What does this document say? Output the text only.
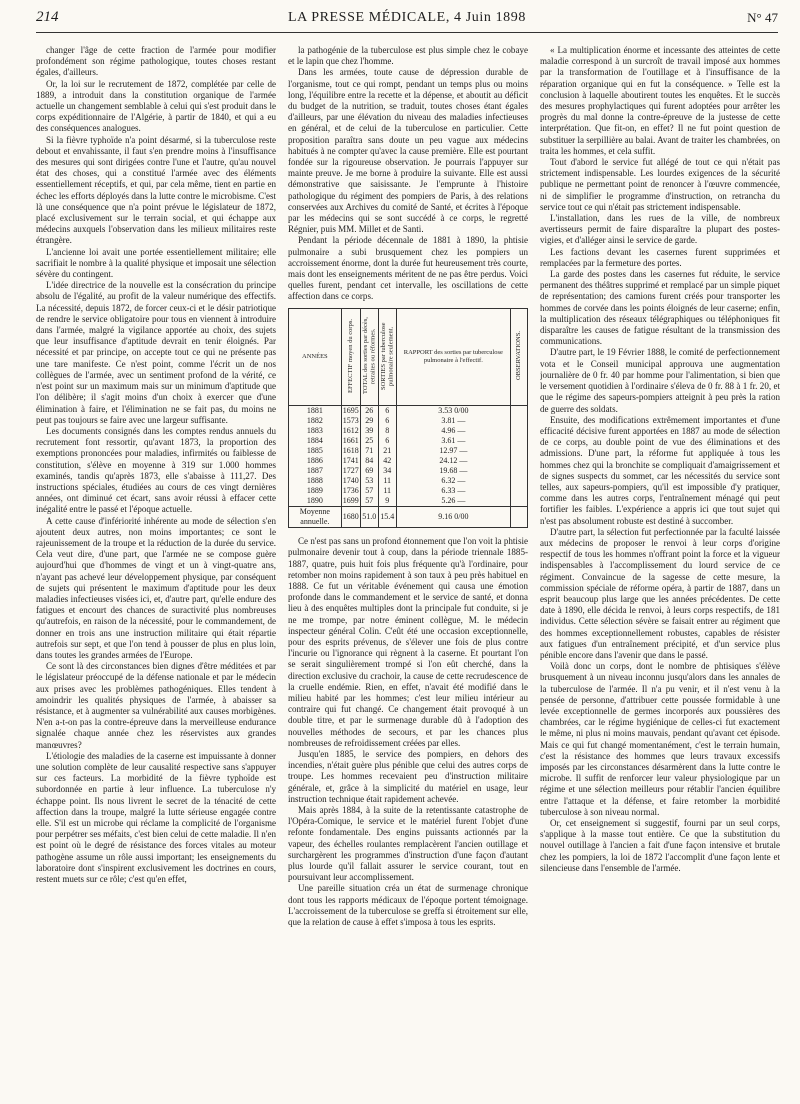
214	LA PRESSE MÉDICALE, 4 Juin 1898	N° 47

changer l'âge de cette fraction de l'armée pour modifier profondément son régime pathologique, toutes choses restant égales, d'ailleurs.

Or, la loi sur le recrutement de 1872, complétée par celle de 1889, a introduit dans la constitution organique de l'armée actuelle un changement semblable à celui qui s'est produit dans le corps expéditionnaire de l'Algérie, à partir de 1840, et qui a eu des conséquences analogues.

Si la fièvre typhoïde n'a point désarmé, si la tuberculose reste debout et envahissante, il faut s'en prendre moins à l'insuffisance des mesures qui sont dirigées contre l'une et l'autre, qu'au nouvel état des choses, qui a constitué l'armée avec des éléments essentiellement réceptifs, et qui, par cela même, tient en partie en échec les efforts déployés dans la lutte contre le microbisme. C'est là une conséquence que n'a point prévue le législateur de 1872, placé exclusivement sur le terrain social, et qui échappe aux médecins auxquels l'observation dans les milieux militaires reste étrangère.

L'ancienne loi avait une portée essentiellement militaire; elle sacrifiait le nombre à la qualité physique et imposait une sélection sévère du contingent.

L'idée directrice de la nouvelle est la consécration du principe absolu de l'égalité, au profit de la valeur numérique des effectifs. La nécessité, depuis 1872, de forcer ceux-ci et le désir patriotique de rendre le service obligatoire pour tous en viennent à introduire dans l'armée, malgré la vigilance apportée au choix, des sujets que leur insuffisance d'aptitude devrait en tenir éloignés. Par nécessité et par principe, on accepte tout ce qui ne présente pas une tare manifeste. Ce n'est point, comme l'écrit un de nos collègues de l'armée, avec un sentiment profond de la vérité, ce n'est point sur un maximum mais sur un minimum d'aptitude que l'on délibère; il s'agit moins d'un choix à exercer que d'une élimination à faire, et l'élimination ne se fait pas, du moins ne peut pas toujours se faire avec une largeur suffisante.

Les documents consignés dans les comptes rendus annuels du recrutement font ressortir, qu'avant 1873, la proportion des exemptions prononcées pour maladies, infirmités ou faiblesse de constitution, s'élève en moyenne à 319 sur 1.000 hommes examinés, tandis qu'après 1873, elle s'abaisse à 111,27. Des instructions spéciales, étudiées au cours de ces vingt dernières années, ont diminué cet écart, sans avoir réussi à effacer cette inégalité entre le passé et l'époque actuelle.

A cette cause d'infériorité inhérente au mode de sélection s'en ajoutent deux autres, non moins importantes; ce sont le rajeunissement de la troupe et la réduction de la durée du service. Cela veut dire, d'une part, que l'armée ne se compose guère aujourd'hui que d'hommes de vingt et un à vingt-quatre ans, n'ayant pas achevé leur développement physique, par conséquent de sujets qui présentent le maximum d'aptitude pour les deux maladies infectieuses visées ici, et, d'autre part, qu'elle endure des fatigues et encourt des chances de suractivité plus nombreuses qu'autrefois, en raison de la nécessité, pour le commandement, de donner en trois ans une instruction militaire qui était répartie autrefois sur sept, et que l'on tend à pousser de plus en plus loin, dans toutes les grandes armées de l'Europe.

Ce sont là des circonstances bien dignes d'être méditées et par le législateur préoccupé de la défense nationale et par le médecin aux prises avec les problèmes pathogéniques. Elles tendent à amoindrir les qualités physiques de l'armée, à abaisser sa résistance, et à augmenter sa vulnérabilité aux causes morbigènes. N'en a-t-on pas la contre-épreuve dans la merveilleuse endurance signalée chaque année chez les réservistes aux grandes manœuvres?

L'étiologie des maladies de la caserne est impuissante à donner une solution complète de leur causalité respective sans s'appuyer sur ces facteurs. La morbidité de la fièvre typhoïde est subordonnée en partie à leur influence. La tuberculose n'y échappe point. Ils nous livrent le secret de la ténacité de cette affection dans la troupe, malgré la lutte sérieuse engagée contre elle. S'il est un microbe qui réclame la complicité de l'organisme pour perpétrer ses méfaits, c'est bien celui de cette maladie. Il n'en est point où le degré de résistance des forces vitales au moteur pathogène assume un rôle aussi important; les enseignements du laboratoire dont s'inspirent exclusivement les doctrines en cours, restent muets sur ce rôle; c'est qu'en effet,

la pathogénie de la tuberculose est plus simple chez le cobaye et le lapin que chez l'homme.

Dans les armées, toute cause de dépression durable de l'organisme, tout ce qui rompt, pendant un temps plus ou moins long, l'équilibre entre la recette et la dépense, et aboutit au déficit du budget de la nutrition, se traduit, toutes choses étant égales d'ailleurs, par une élévation du niveau des maladies infectieuses en général, et de celui de la tuberculose en particulier. Cette proposition paraîtra sans doute un peu vague aux médecins habitués à ne compter qu'avec la cause première. Elle est pourtant fondée sur la rigoureuse observation. Je pourrais l'appuyer sur mainte preuve. Je me borne à produire la suivante. Elle est aussi démonstrative que saisissante. Je l'emprunte à l'histoire pathologique du régiment des pompiers de Paris, à des relations conservées aux Archives du comité de Santé, et écrites à l'époque par les médecins qui se sont succédé à ce corps, le regretté Régnier, puis MM. Millet et de Santi.

Pendant la période décennale de 1881 à 1890, la phtisie pulmonaire a subi brusquement chez les pompiers un accroissement énorme, dont la durée fut heureusement très courte, mais dont les enseignements méritent de ne pas être perdus. Voici quelles furent, pendant cet intervalle, les oscillations de cette affection dans ce corps.

ANNÉES	EFFECTIF moyen du corps.	TOTAL des sorties par décès, retraites ou réformes.	SORTIES par tuberculose pulmonaire seulement.	RAPPORT des sorties par tuberculose pulmonaire à l'effectif.	OBSERVATIONS.
1881	1695	26	6	3.53 0/00	
1882	1573	29	6	3.81 —	
1883	1612	39	8	4.96 —	
1884	1661	25	6	3.61 —	
1885	1618	71	21	12.97 —	
1886	1741	84	42	24.12 —	
1887	1727	69	34	19.68 —	
1888	1740	53	11	6.32 —	
1889	1736	57	11	6.33 —	
1890	1699	57	9	5.26 —	
Moyenne annuelle.	1680	51.0	15.4	9.16 0/00	

Ce n'est pas sans un profond étonnement que l'on voit la phtisie pulmonaire devenir tout à coup, dans la période triennale 1885-1887, quatre, puis huit fois plus fréquente qu'à l'ordinaire, pour retomber non moins rapidement à son taux à peu près habituel en 1888. Ce fut un véritable événement qui causa une émotion profonde dans le commandement et le service de santé, et donna lieu à des enquêtes multiples dont la principale fut conduite, si je ne me trompe, par notre éminent collègue, M. le médecin inspecteur général Colin. C'eût été une occasion exceptionnelle, pour des esprits prévenus, de s'élever une fois de plus contre l'incurie ou l'ignorance qui règnent à la caserne. Et pourtant l'on se serait singulièrement trompé si l'on eût cherché, dans la direction exclusive du crachoir, la cause de cette recrudescence de la cruelle endémie. Rien, en effet, n'avait été modifié dans le milieu habité par les hommes; c'est leur milieu intérieur au contraire qui fut changé. Ce changement était provoqué à un double titre, et par le surmenage durable dû à l'adoption des nouvelles méthodes de secours, et par les chances plus nombreuses de refroidissement créées par elles.

Jusqu'en 1885, le service des pompiers, en dehors des incendies, n'était guère plus pénible que celui des autres corps de troupe. Les hommes recevaient peu d'instruction militaire générale, et, grâce à la simplicité du matériel en usage, leur instruction technique était rapidement achevée.

Mais après 1884, à la suite de la retentissante catastrophe de l'Opéra-Comique, le service et le matériel furent l'objet d'une refonte fondamentale. Des engins puissants actionnés par la vapeur, des échelles roulantes remplacèrent l'ancien outillage et surchargèrent les programmes d'instruction d'une façon d'autant plus lourde qu'il fallait assurer le service courant, tout en poursuivant leur accomplissement.

Une pareille situation créa un état de surmenage chronique dont tous les rapports médicaux de l'époque portent témoignage. L'accroissement de la tuberculose se greffa si étroitement sur elle, que la relation de cause à effet s'imposa à tous les esprits.

« La multiplication énorme et incessante des atteintes de cette maladie correspond à un surcroît de travail imposé aux hommes par la transformation de l'outillage et à l'insuffisance de la réparation organique qui en fut la conséquence. » Telle est la conclusion à laquelle aboutirent toutes les enquêtes. Et le succès des mesures prophylactiques qui furent adoptées pour arrêter les progrès du mal donne la contre-épreuve de la justesse de cette interprétation. Que fit-on, en effet? Il ne fut point question de substituer la serpillière au balai. Avant de traiter les chambrées, on traita les hommes, et cela suffit.

Tout d'abord le service fut allégé de tout ce qui n'était pas strictement indispensable. Les lourdes exigences de la sécurité publique ne permettant point de renoncer à l'œuvre commencée, ni de simplifier le programme d'instruction, on retrancha du service tout ce qui n'était pas strictement indispensable.

L'installation, dans les rues de la ville, de nombreux avertisseurs permit de faire disparaître la plupart des postes-vigies, et d'alléger ainsi le service de garde.

Les factions devant les casernes furent supprimées et remplacées par la fermeture des portes.

La garde des postes dans les casernes fut réduite, le service permanent des théâtres supprimé et remplacé par un simple piquet de représentation; des camions furent créés pour transporter les hommes de corvée dans les points éloignés de leur caserne; enfin, la multiplication des réseaux télégraphiques ou téléphoniques fit disparaître les causes de fatigue résultant de la transmission des communications.

D'autre part, le 19 Février 1888, le comité de perfectionnement vota et le Conseil municipal approuva une augmentation journalière de 0 fr. 40 par homme pour l'alimentation, si bien que le versement quotidien à l'ordinaire s'éleva de 0 fr. 88 à 1 fr. 20, et que le régime des sapeurs-pompiers atteignit à peu près la ration de guerre des soldats.

Ensuite, des modifications extrêmement importantes et d'une efficacité décisive furent apportées en 1887 au mode de sélection de ce corps, au double point de vue des éliminations et des admissions. D'une part, la réforme fut appliquée à tous les hommes chez qui la bronchite se compliquait d'amaigrissement et de signes suspects du sommet, car les nécessités du service sont telles, aux sapeurs-pompiers, qu'il est impossible d'y pratiquer, comme dans les autres corps, l'entraînement ménagé qui peut fortifier les faibles. L'expérience a appris ici que tout sujet qui n'est pas absolument robuste est destiné à succomber.

D'autre part, la sélection fut perfectionnée par la faculté laissée aux médecins de proposer le renvoi à leur corps d'origine respectif de tous les hommes n'offrant point la force et la vigueur indispensables à l'accomplissement du lourd service de ce régiment. Convaincue de la sagesse de cette mesure, la commission spéciale de réforme opéra, à partir de 1887, dans un esprit beaucoup plus large que les années précédentes. De cette date à 1890, elle décida le renvoi, à leurs corps respectifs, de 181 individus. Cette sélection sévère se faisait entrer au régiment que des hommes exceptionnellement robustes, capables de résister aux fatigues d'un entraînement précipité, et d'un service plus pénible encore dans l'avenir que dans le passé.

Voilà donc un corps, dont le nombre de phtisiques s'élève brusquement à un niveau inconnu jusqu'alors dans les annales de la tuberculose de l'armée. Il n'a pu venir, et il n'est venu à la pensée de personne, d'attribuer cette poussée formidable à une levée exceptionnelle de germes incorporés aux poussières des chambrées, car le régime hygiénique de celles-ci fut exactement le même, ni plus ni moins mauvais, pendant qu'avant cet épisode. Mais ce qui fut changé momentanément, c'est le terrain humain, c'est la résistance des hommes que leurs travaux excessifs imposés par les circonstances désarmèrent dans la lutte contre le microbe. Il suffit de renforcer leur valeur physiologique par un régime et une sélection meilleurs pour rétablir l'ancien équilibre entre l'attaque et la défense, et faire retomber la morbidité tuberculose à son niveau normal.

Or, cet enseignement si suggestif, fourni par un seul corps, s'applique à la masse tout entière. Ce que la substitution du nouvel outillage à l'ancien a fait d'une façon intensive et brutale chez les pompiers, la loi de 1872 l'accomplit d'une façon lente et silencieuse dans l'ensemble de l'armée.
